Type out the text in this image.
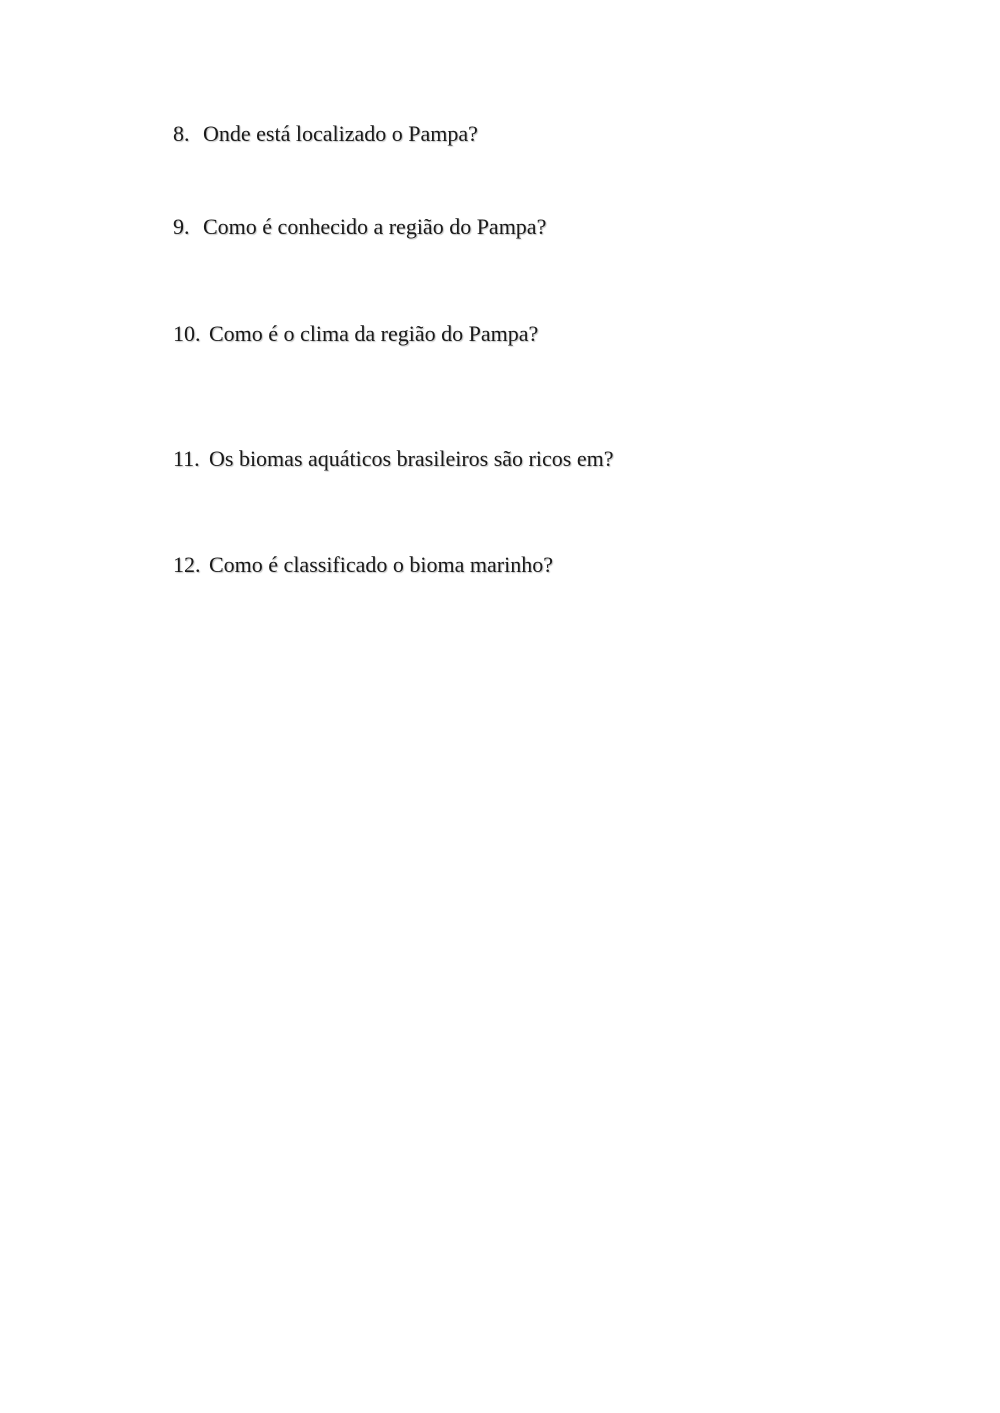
8. Onde está localizado o Pampa?
9. Como é conhecido a região do Pampa?
10. Como é o clima da região do Pampa?
11. Os biomas aquáticos brasileiros são ricos em?
12. Como é classificado o bioma marinho?
